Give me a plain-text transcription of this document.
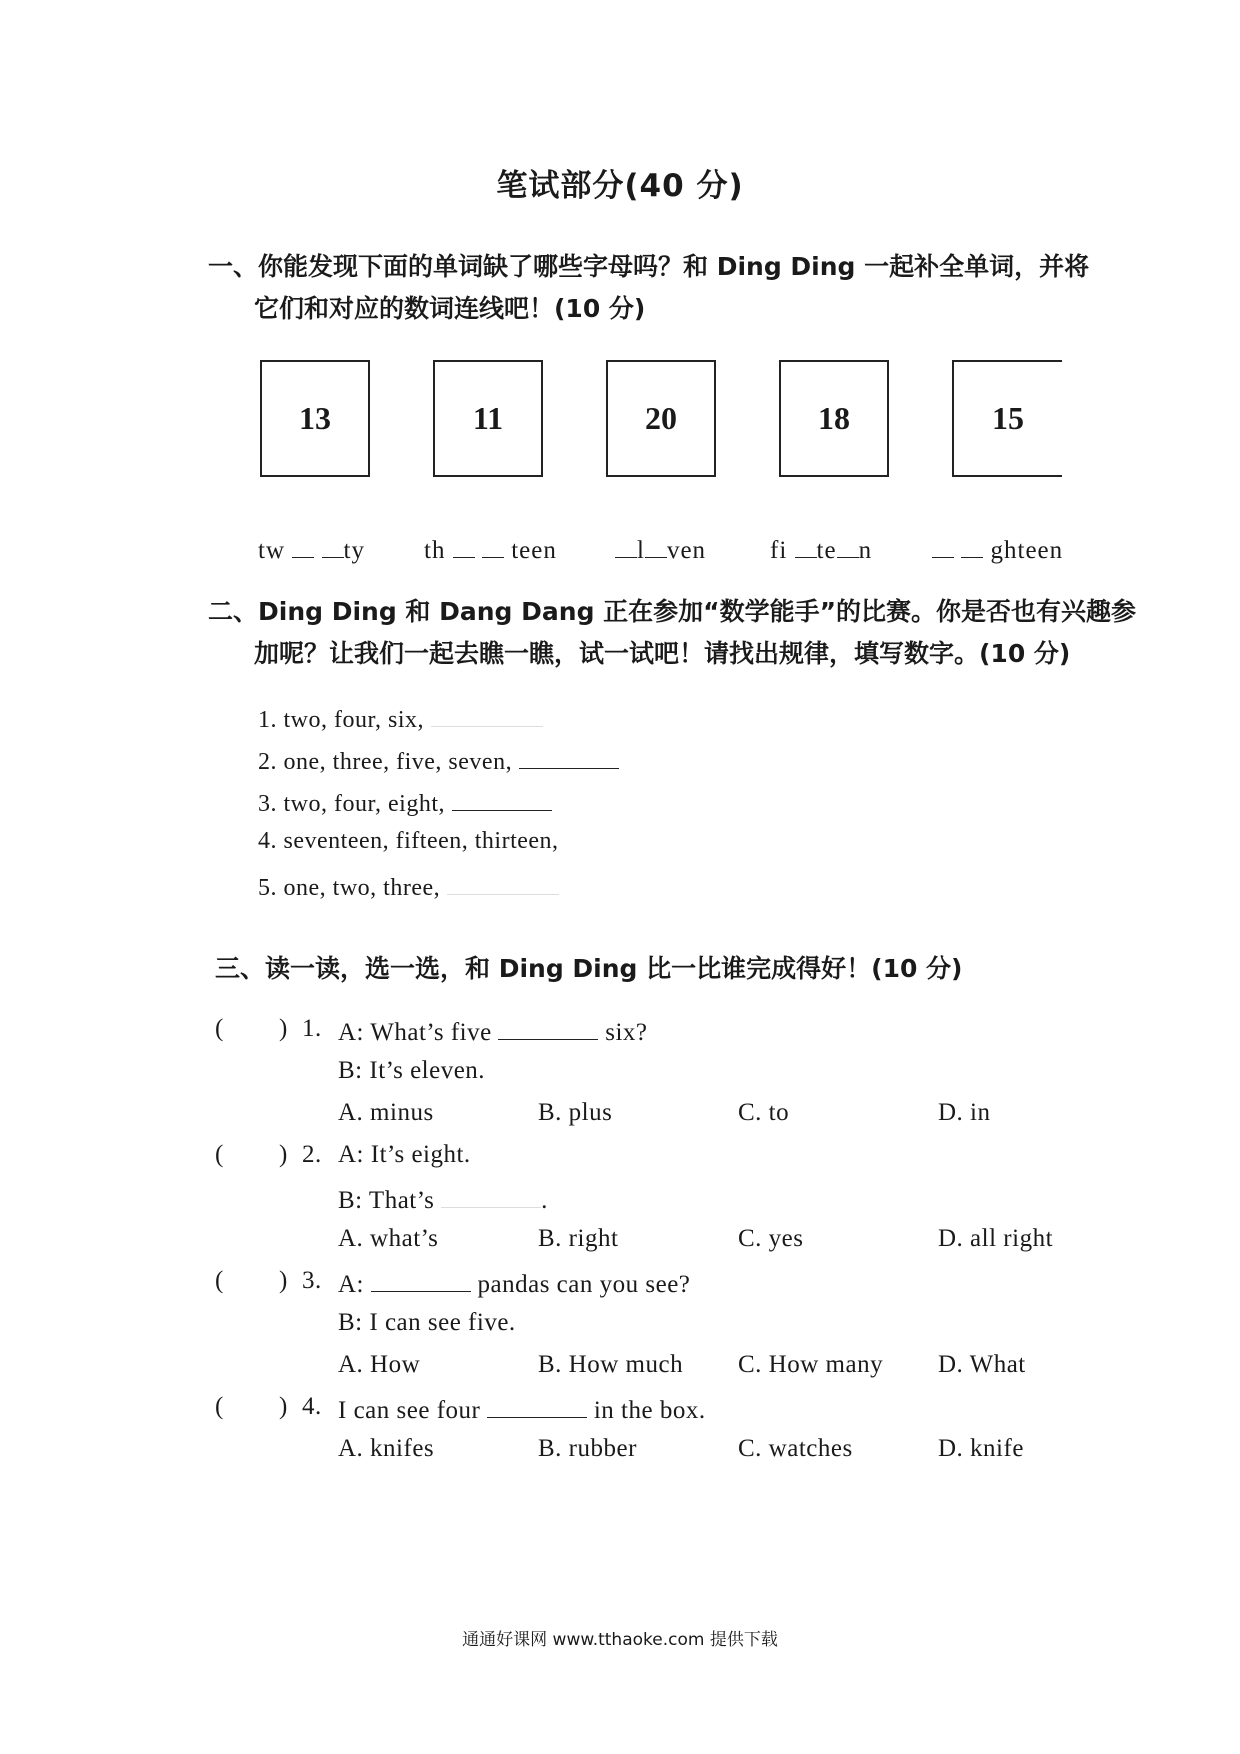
笔试部分(40 分)
一、你能发现下面的单词缺了哪些字母吗？和 Ding Ding 一起补全单词，并将
它们和对应的数词连线吧！(10 分)
13	11	20	18	15
tw ty th	teen	l ven	fi te n	ghteen
二、Ding Ding 和 Dang Dang 正在参加“数学能手”的比赛。你是否也有兴趣参
加呢？让我们一起去瞧一瞧，试一试吧！请找出规律，填写数字。(10 分)
1. two, four, six,
2. one, three, five, seven,
3. two, four, eight,
4. seventeen, fifteen, thirteen,
5. one, two, three,
三、读一读，选一选，和 Ding Ding 比一比谁完成得好！(10 分)
( ) 1. A: What’s five	six?
B: It’s eleven.
A. minus	B. plus	C. to	D. in
( ) 2. A: It’s eight.
B: That’s	.
A. what’s	B. right	C. yes	D. all right
( ) 3. A:	pandas can you see?
B: I can see five.
A. How	B. How much C. How many D. What
( ) 4. I can see four	in the box.
A. knifes	B. rubber	C. watches	D. knife
通通好课网 www.tthaoke.com 提供下载
